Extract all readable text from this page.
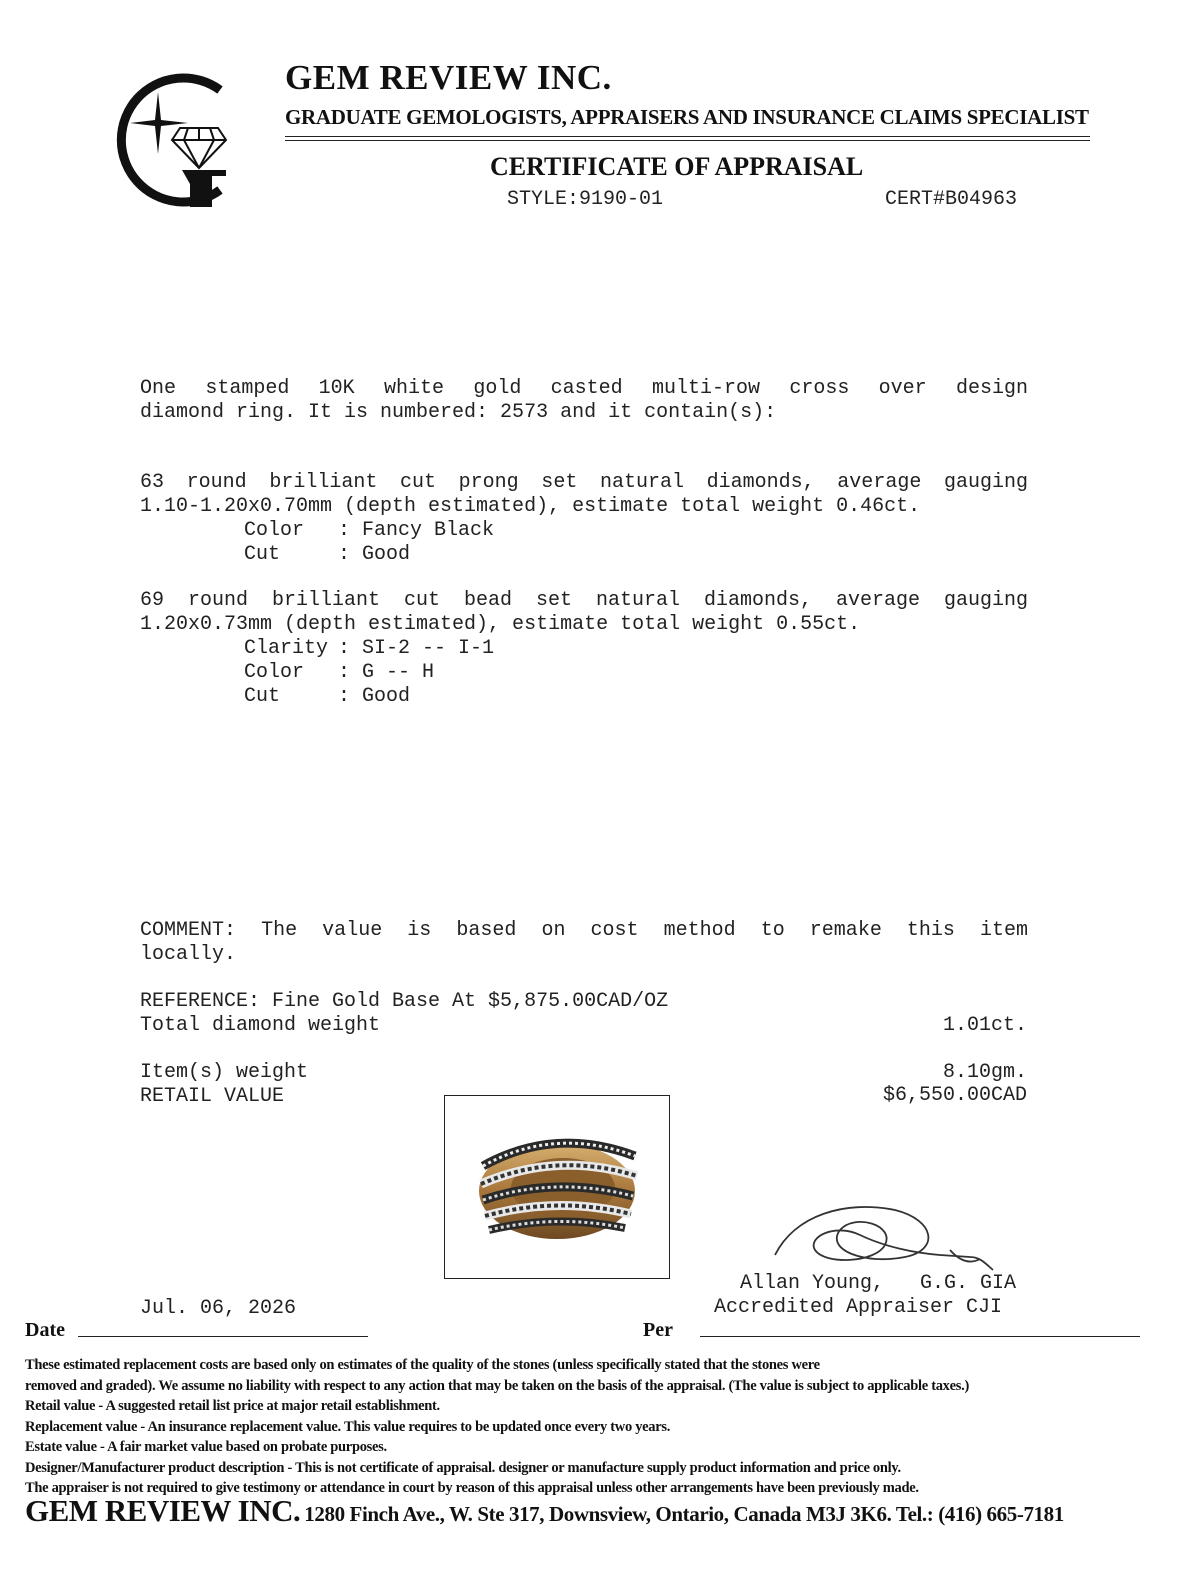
GEM REVIEW INC.
GRADUATE GEMOLOGISTS, APPRAISERS AND INSURANCE CLAIMS SPECIALIST
CERTIFICATE OF APPRAISAL
STYLE:9190-01	CERT#B04963
One stamped 10K white gold casted multi-row cross over design
diamond ring. It is numbered: 2573 and it contain(s):
63 round brilliant cut prong set natural diamonds, average gauging
1.10-1.20x0.70mm (depth estimated), estimate total weight 0.46ct.
Color : Fancy Black
Cut : Good
69 round brilliant cut bead set natural diamonds, average gauging
1.20x0.73mm (depth estimated), estimate total weight 0.55ct.
Clarity : SI-2 -- I-1
Color : G -- H
Cut : Good
COMMENT: The value is based on cost method to remake this item
locally.
REFERENCE: Fine Gold Base At $5,875.00CAD/OZ
Total diamond weight	1.01ct.
Item(s) weight	8.10gm.
RETAIL VALUE	$6,550.00CAD
Allan Young,   G.G. GIA
Accredited Appraiser CJI
Jul. 06, 2026
Date	Per
These estimated replacement costs are based only on estimates of the quality of the stones (unless specifically stated that the stones were
removed and graded). We assume no liability with respect to any action that may be taken on the basis of the appraisal. (The value is subject to applicable taxes.)
Retail value - A suggested retail list price at major retail establishment.
Replacement value - An insurance replacement value. This value requires to be updated once every two years.
Estate value - A fair market value based on probate purposes.
Designer/Manufacturer product description - This is not certificate of appraisal. designer or manufacture supply product information and price only.
The appraiser is not required to give testimony or attendance in court by reason of this appraisal unless other arrangements have been previously made.
GEM REVIEW INC. 1280 Finch Ave., W. Ste 317, Downsview, Ontario, Canada M3J 3K6. Tel.: (416) 665-7181
